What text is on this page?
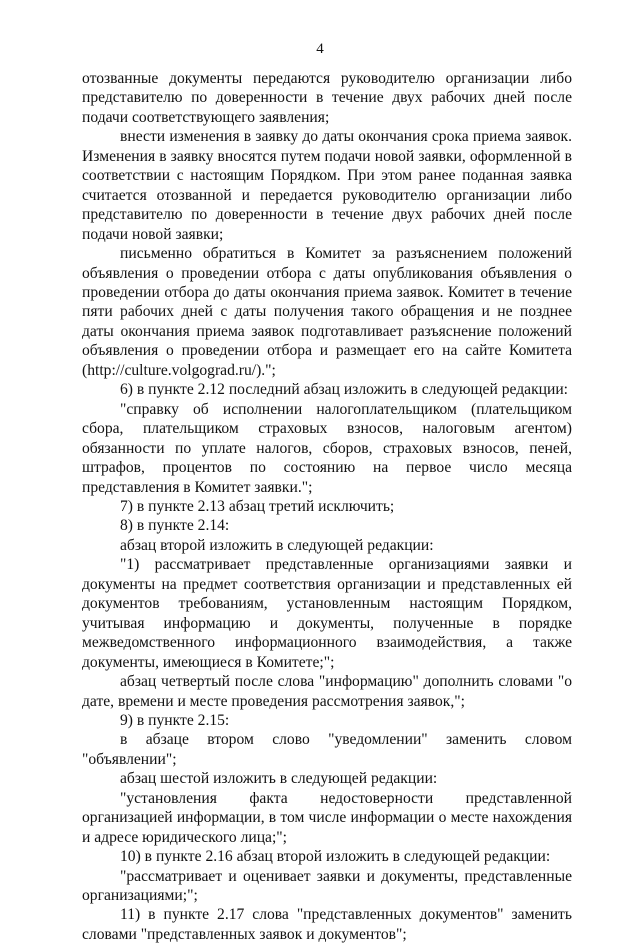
4

отозванные документы передаются руководителю организации либо представителю по доверенности в течение двух рабочих дней после подачи соответствующего заявления;

внести изменения в заявку до даты окончания срока приема заявок. Изменения в заявку вносятся путем подачи новой заявки, оформленной в соответствии с настоящим Порядком. При этом ранее поданная заявка считается отозванной и передается руководителю организации либо представителю по доверенности в течение двух рабочих дней после подачи новой заявки;

письменно обратиться в Комитет за разъяснением положений объявления о проведении отбора с даты опубликования объявления о проведении отбора до даты окончания приема заявок. Комитет в течение пяти рабочих дней с даты получения такого обращения и не позднее даты окончания приема заявок подготавливает разъяснение положений объявления о проведении отбора и размещает его на сайте Комитета (http://culture.volgograd.ru/).";

6) в пункте 2.12 последний абзац изложить в следующей редакции:

"справку об исполнении налогоплательщиком (плательщиком сбора, плательщиком страховых взносов, налоговым агентом) обязанности по уплате налогов, сборов, страховых взносов, пеней, штрафов, процентов по состоянию на первое число месяца представления в Комитет заявки.";

7) в пункте 2.13 абзац третий исключить;

8) в пункте 2.14:

абзац второй изложить в следующей редакции:

"1) рассматривает представленные организациями заявки и документы на предмет соответствия организации и представленных ей документов требованиям, установленным настоящим Порядком, учитывая информацию и документы, полученные в порядке межведомственного информационного взаимодействия, а также документы, имеющиеся в Комитете;";

абзац четвертый после слова "информацию" дополнить словами "о дате, времени и месте проведения рассмотрения заявок,";

9) в пункте 2.15:

в абзаце втором слово "уведомлении" заменить словом "объявлении";

абзац шестой изложить в следующей редакции:

"установления факта недостоверности представленной организацией информации, в том числе информации о месте нахождения и адресе юридического лица;";

10) в пункте 2.16 абзац второй изложить в следующей редакции:

"рассматривает и оценивает заявки и документы, представленные организациями;";

11) в пункте 2.17 слова "представленных документов" заменить словами "представленных заявок и документов";
